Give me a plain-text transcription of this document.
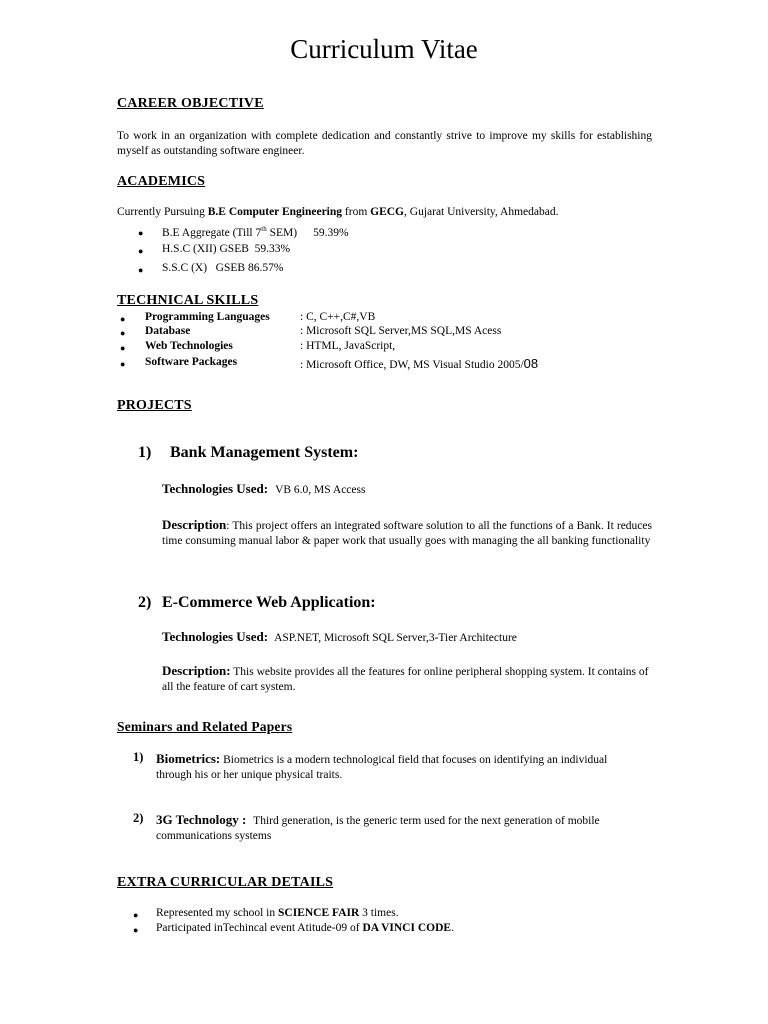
Curriculum Vitae
CAREER OBJECTIVE
To work in an organization with complete dedication and constantly strive to improve my skills for establishing myself as outstanding software engineer.
ACADEMICS
Currently Pursuing B.E Computer Engineering from GECG, Gujarat University, Ahmedabad.
● B.E Aggregate (Till 7th SEM) 59.39%
● H.S.C (XII) GSEB  59.33%
● S.S.C (X)   GSEB 86.57%
TECHNICAL SKILLS
● Programming Languages	: C, C++,C#,VB
● Database	: Microsoft SQL Server,MS SQL,MS Acess
● Web Technologies	: HTML, JavaScript,
● Software Packages	: Microsoft Office, DW, MS Visual Studio 2005/08
PROJECTS
1) Bank Management System:
Technologies Used: VB 6.0, MS Access
Description: This project offers an integrated software solution to all the functions of a Bank. It reduces time consuming manual labor & paper work that usually goes with managing the all banking functionality
2) E-Commerce Web Application:
Technologies Used: ASP.NET, Microsoft SQL Server,3-Tier Architecture
Description: This website provides all the features for online peripheral shopping system. It contains of all the feature of cart system.
Seminars and Related Papers
1) Biometrics: Biometrics is a modern technological field that focuses on identifying an individual through his or her unique physical traits.
2) 3G Technology : Third generation, is the generic term used for the next generation of mobile communications systems
EXTRA CURRICULAR DETAILS
● Represented my school in SCIENCE FAIR 3 times.
● Participated inTechincal event Atitude-09 of DA VINCI CODE.
